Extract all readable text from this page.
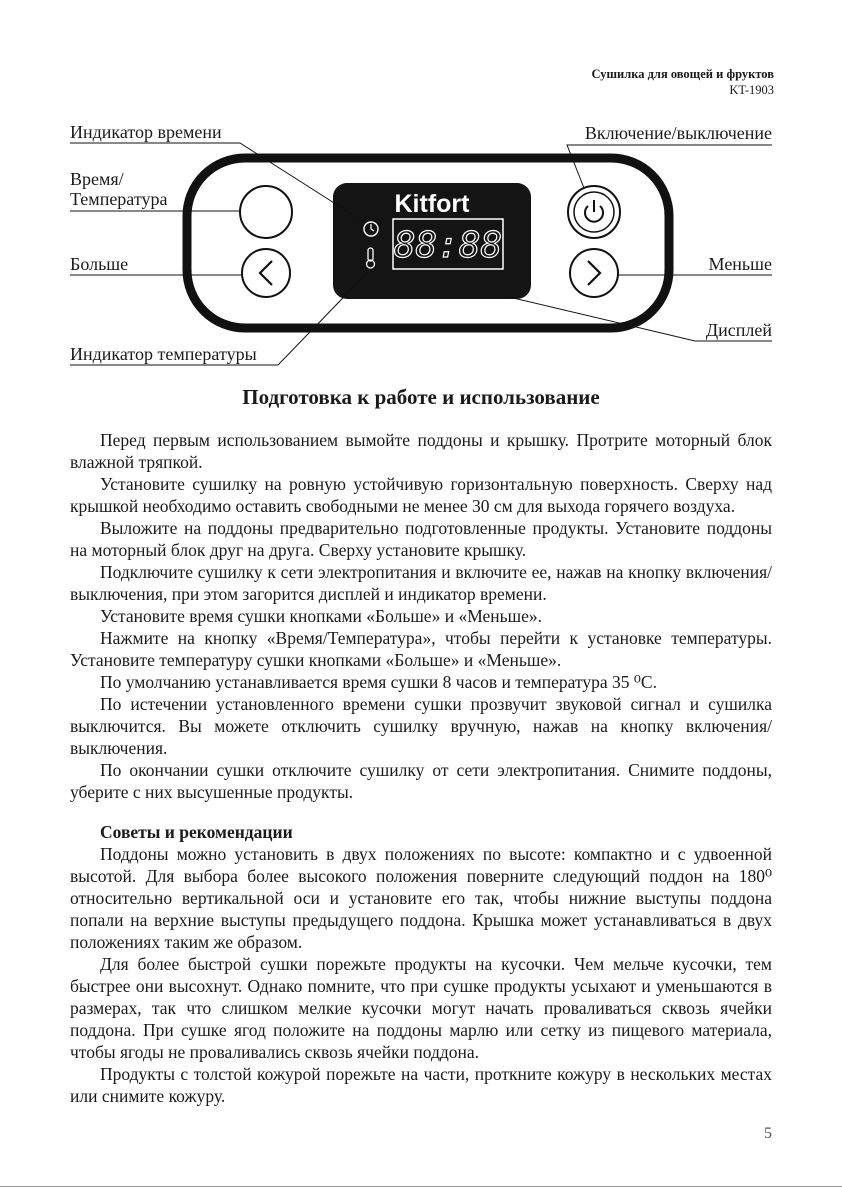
Сушилка для овощей и фруктов
KT-1903
Kitfort
88:88
Индикатор времени	Включение/выключение
Время/
Температура
Больше	Меньше
Дисплей
Индикатор температуры
Подготовка к работе и использование

Перед первым использованием вымойте поддоны и крышку. Протрите моторный блок влажной тряпкой.

Установите сушилку на ровную устойчивую горизонтальную поверхность. Сверху над крышкой необходимо оставить свободными не менее 30 см для выхода горячего воздуха.

Выложите на поддоны предварительно подготовленные продукты. Установите поддоны на моторный блок друг на друга. Сверху установите крышку.

Подключите сушилку к сети электропитания и включите ее, нажав на кнопку включения/выключения, при этом загорится дисплей и индикатор времени.

Установите время сушки кнопками «Больше» и «Меньше».

Нажмите на кнопку «Время/Температура», чтобы перейти к установке температуры. Установите температуру сушки кнопками «Больше» и «Меньше».

По умолчанию устанавливается время сушки 8 часов и температура 35 ⁰С.

По истечении установленного времени сушки прозвучит звуковой сигнал и сушилка выключится. Вы можете отключить сушилку вручную, нажав на кнопку включения/выключения.

По окончании сушки отключите сушилку от сети электропитания. Снимите поддоны, уберите с них высушенные продукты.

Советы и рекомендации

Поддоны можно установить в двух положениях по высоте: компактно и с удвоенной высотой. Для выбора более высокого положения поверните следующий поддон на 180⁰ относительно вертикальной оси и установите его так, чтобы нижние выступы поддона попали на верхние выступы предыдущего поддона. Крышка может устанавливаться в двух положениях таким же образом.

Для более быстрой сушки порежьте продукты на кусочки. Чем мельче кусочки, тем быстрее они высохнут. Однако помните, что при сушке продукты усыхают и уменьшаются в размерах, так что слишком мелкие кусочки могут начать проваливаться сквозь ячейки поддона. При сушке ягод положите на поддоны марлю или сетку из пищевого материала, чтобы ягоды не проваливались сквозь ячейки поддона.

Продукты с толстой кожурой порежьте на части, проткните кожуру в нескольких местах или снимите кожуру.

5
